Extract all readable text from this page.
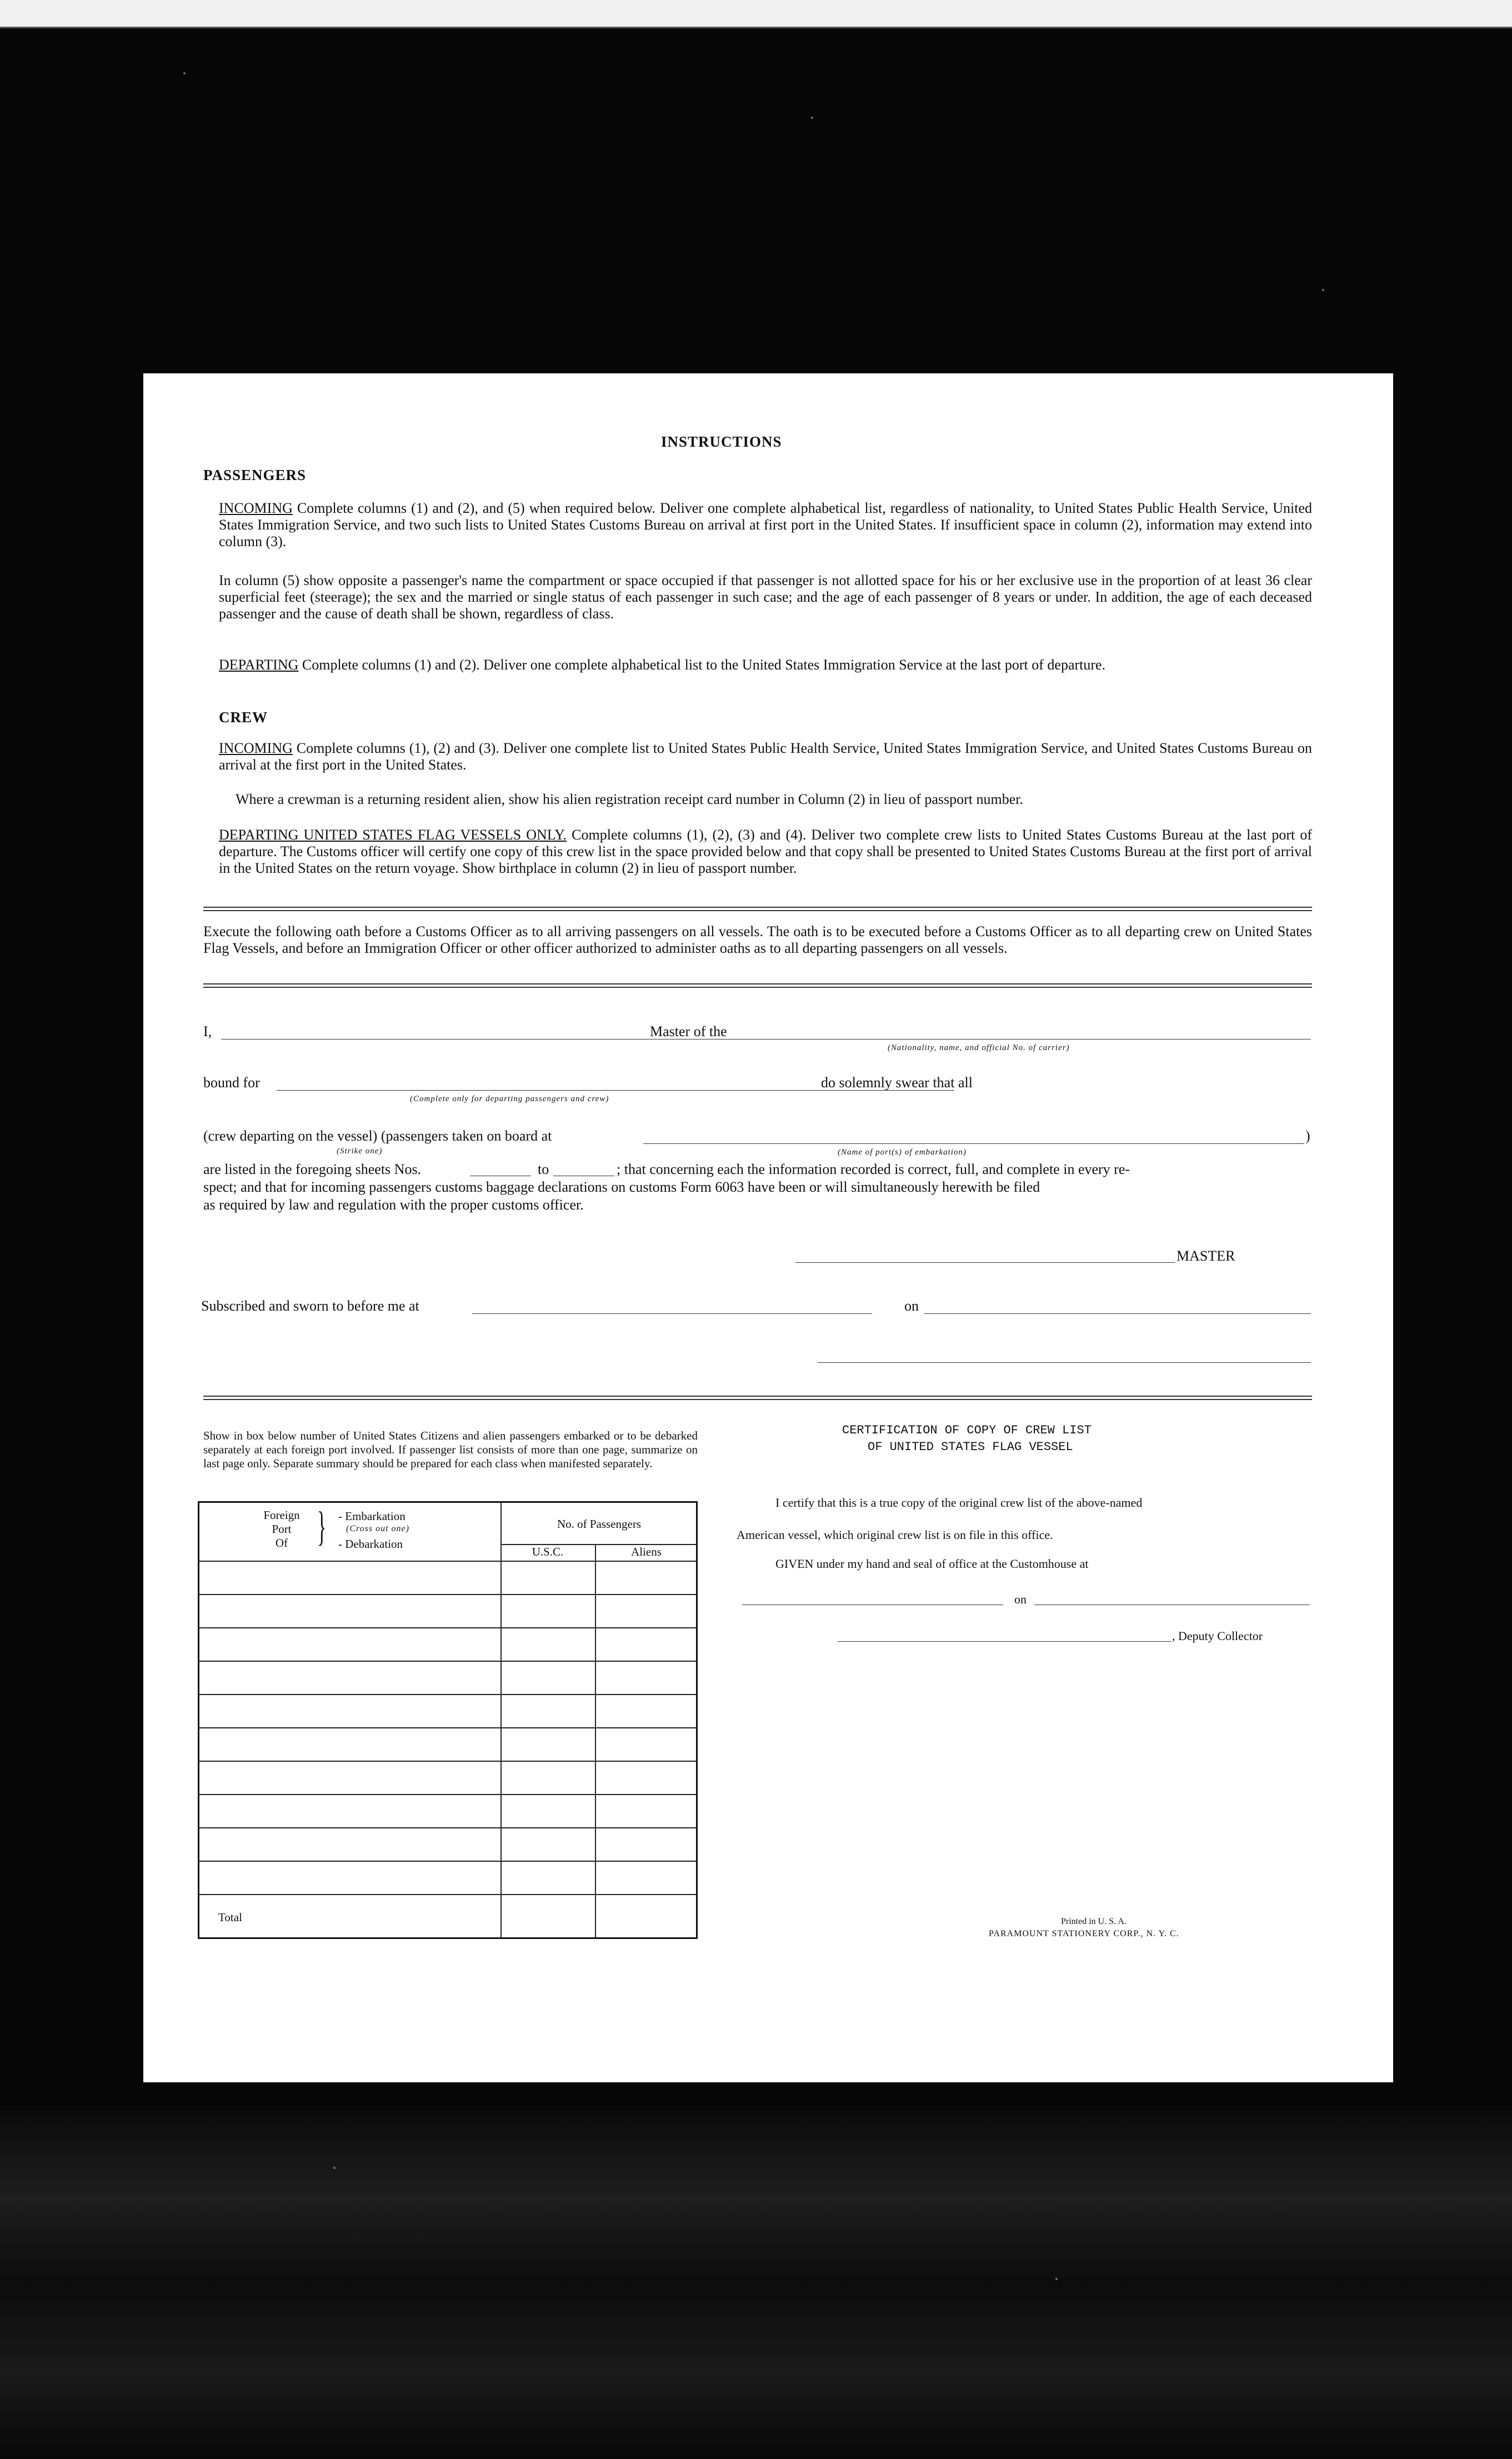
INSTRUCTIONS
PASSENGERS
INCOMING Complete columns (1) and (2), and (5) when required below. Deliver one complete alphabetical list, regardless of nationality, to United States Public Health Service, United States Immigration Service, and two such lists to United States Customs Bureau on arrival at first port in the United States. If insufficient space in column (2), information may extend into column (3).
In column (5) show opposite a passenger's name the compartment or space occupied if that passenger is not allotted space for his or her exclusive use in the proportion of at least 36 clear superficial feet (steerage); the sex and the married or single status of each passenger in such case; and the age of each passenger of 8 years or under. In addition, the age of each deceased passenger and the cause of death shall be shown, regardless of class.
DEPARTING Complete columns (1) and (2). Deliver one complete alphabetical list to the United States Immigration Service at the last port of departure.
CREW
INCOMING Complete columns (1), (2) and (3). Deliver one complete list to United States Public Health Service, United States Immigration Service, and United States Customs Bureau on arrival at the first port in the United States.
Where a crewman is a returning resident alien, show his alien registration receipt card number in Column (2) in lieu of passport number.
DEPARTING UNITED STATES FLAG VESSELS ONLY. Complete columns (1), (2), (3) and (4). Deliver two complete crew lists to United States Customs Bureau at the last port of departure. The Customs officer will certify one copy of this crew list in the space provided below and that copy shall be presented to United States Customs Bureau at the first port of arrival in the United States on the return voyage. Show birthplace in column (2) in lieu of passport number.
Execute the following oath before a Customs Officer as to all arriving passengers on all vessels. The oath is to be executed before a Customs Officer as to all departing crew on United States Flag Vessels, and before an Immigration Officer or other officer authorized to administer oaths as to all departing passengers on all vessels.
I,	Master of the
(Nationality, name, and official No. of carrier)
bound for
(Complete only for departing passengers and crew)
do solemnly swear that all
(crew departing on the vessel) (passengers taken on board at
(Strike one)	(Name of port(s) of embarkation)
)
are listed in the foregoing sheets Nos.	to	; that concerning each the information recorded is correct, full, and complete in every re-
spect; and that for incoming passengers customs baggage declarations on customs Form 6063 have been or will simultaneously herewith be filed
as required by law and regulation with the proper customs officer.
MASTER
Subscribed and sworn to before me at	on
Show in box below number of United States Citizens and alien passengers embarked or to be debarked separately at each foreign port involved. If passenger list consists of more than one page, summarize on last page only. Separate summary should be prepared for each class when manifested separately.
Foreign
Port
Of	} - Embarkation
(Cross out one)
- Debarkation
No. of Passengers
U.S.C.	Aliens
Total
CERTIFICATION OF COPY OF CREW LIST
OF UNITED STATES FLAG VESSEL
I certify that this is a true copy of the original crew list of the above-named
American vessel, which original crew list is on file in this office.
GIVEN under my hand and seal of office at the Customhouse at
on
, Deputy Collector
Printed in U. S. A.
PARAMOUNT STATIONERY CORP., N. Y. C.
